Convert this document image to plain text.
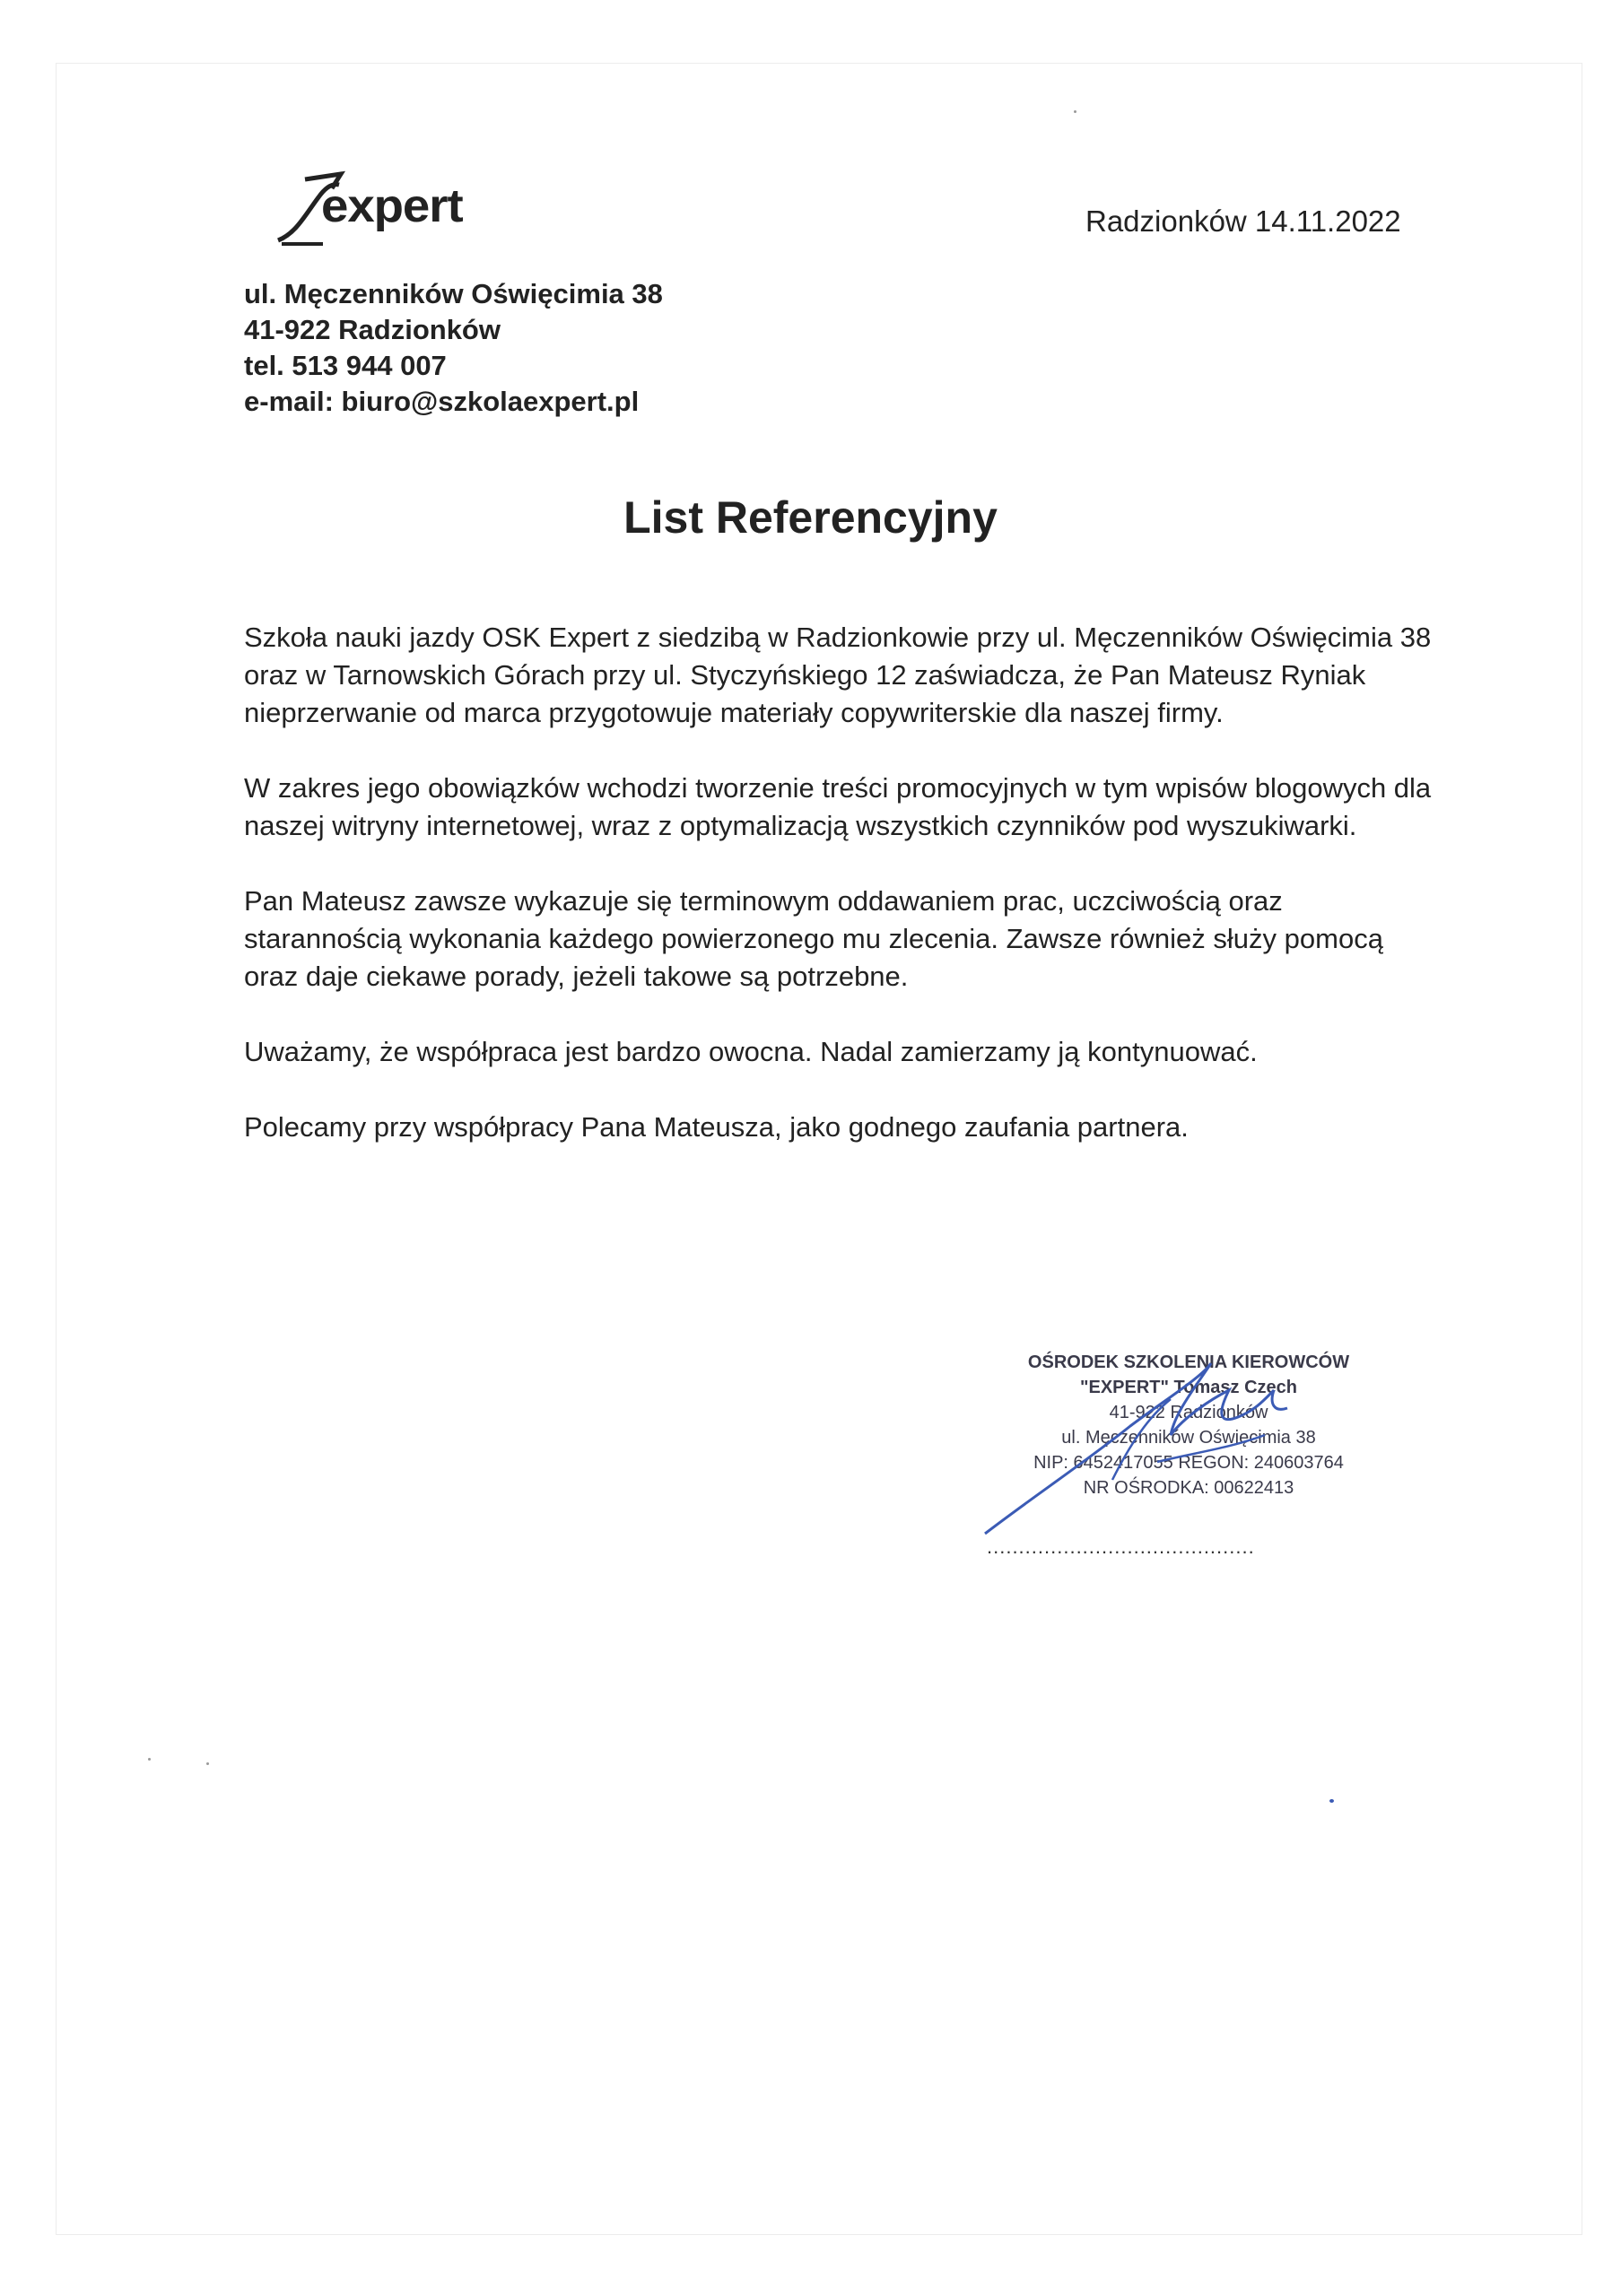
expert	Radzionków 14.11.2022
ul. Męczenników Oświęcimia 38
41-922 Radzionków
tel. 513 944 007
e-mail: biuro@szkolaexpert.pl
List Referencyjny

Szkoła nauki jazdy OSK Expert z siedzibą w Radzionkowie przy ul. Męczenników Oświęcimia 38 oraz w Tarnowskich Górach przy ul. Styczyńskiego 12 zaświadcza, że Pan Mateusz Ryniak nieprzerwanie od marca przygotowuje materiały copywriterskie dla naszej firmy.

W zakres jego obowiązków wchodzi tworzenie treści promocyjnych w tym wpisów blogowych dla naszej witryny internetowej, wraz z optymalizacją wszystkich czynników pod wyszukiwarki.

Pan Mateusz zawsze wykazuje się terminowym oddawaniem prac, uczciwością oraz starannością wykonania każdego powierzonego mu zlecenia. Zawsze również służy pomocą oraz daje ciekawe porady, jeżeli takowe są potrzebne.

Uważamy, że współpraca jest bardzo owocna. Nadal zamierzamy ją kontynuować.

Polecamy przy współpracy Pana Mateusza, jako godnego zaufania partnera.

OŚRODEK SZKOLENIA KIEROWCÓW
"EXPERT" Tomasz Czech
41-922 Radzionków
ul. Męczenników Oświęcimia 38
NIP: 6452417055 REGON: 240603764
NR OŚRODKA: 00622413
..........................................
